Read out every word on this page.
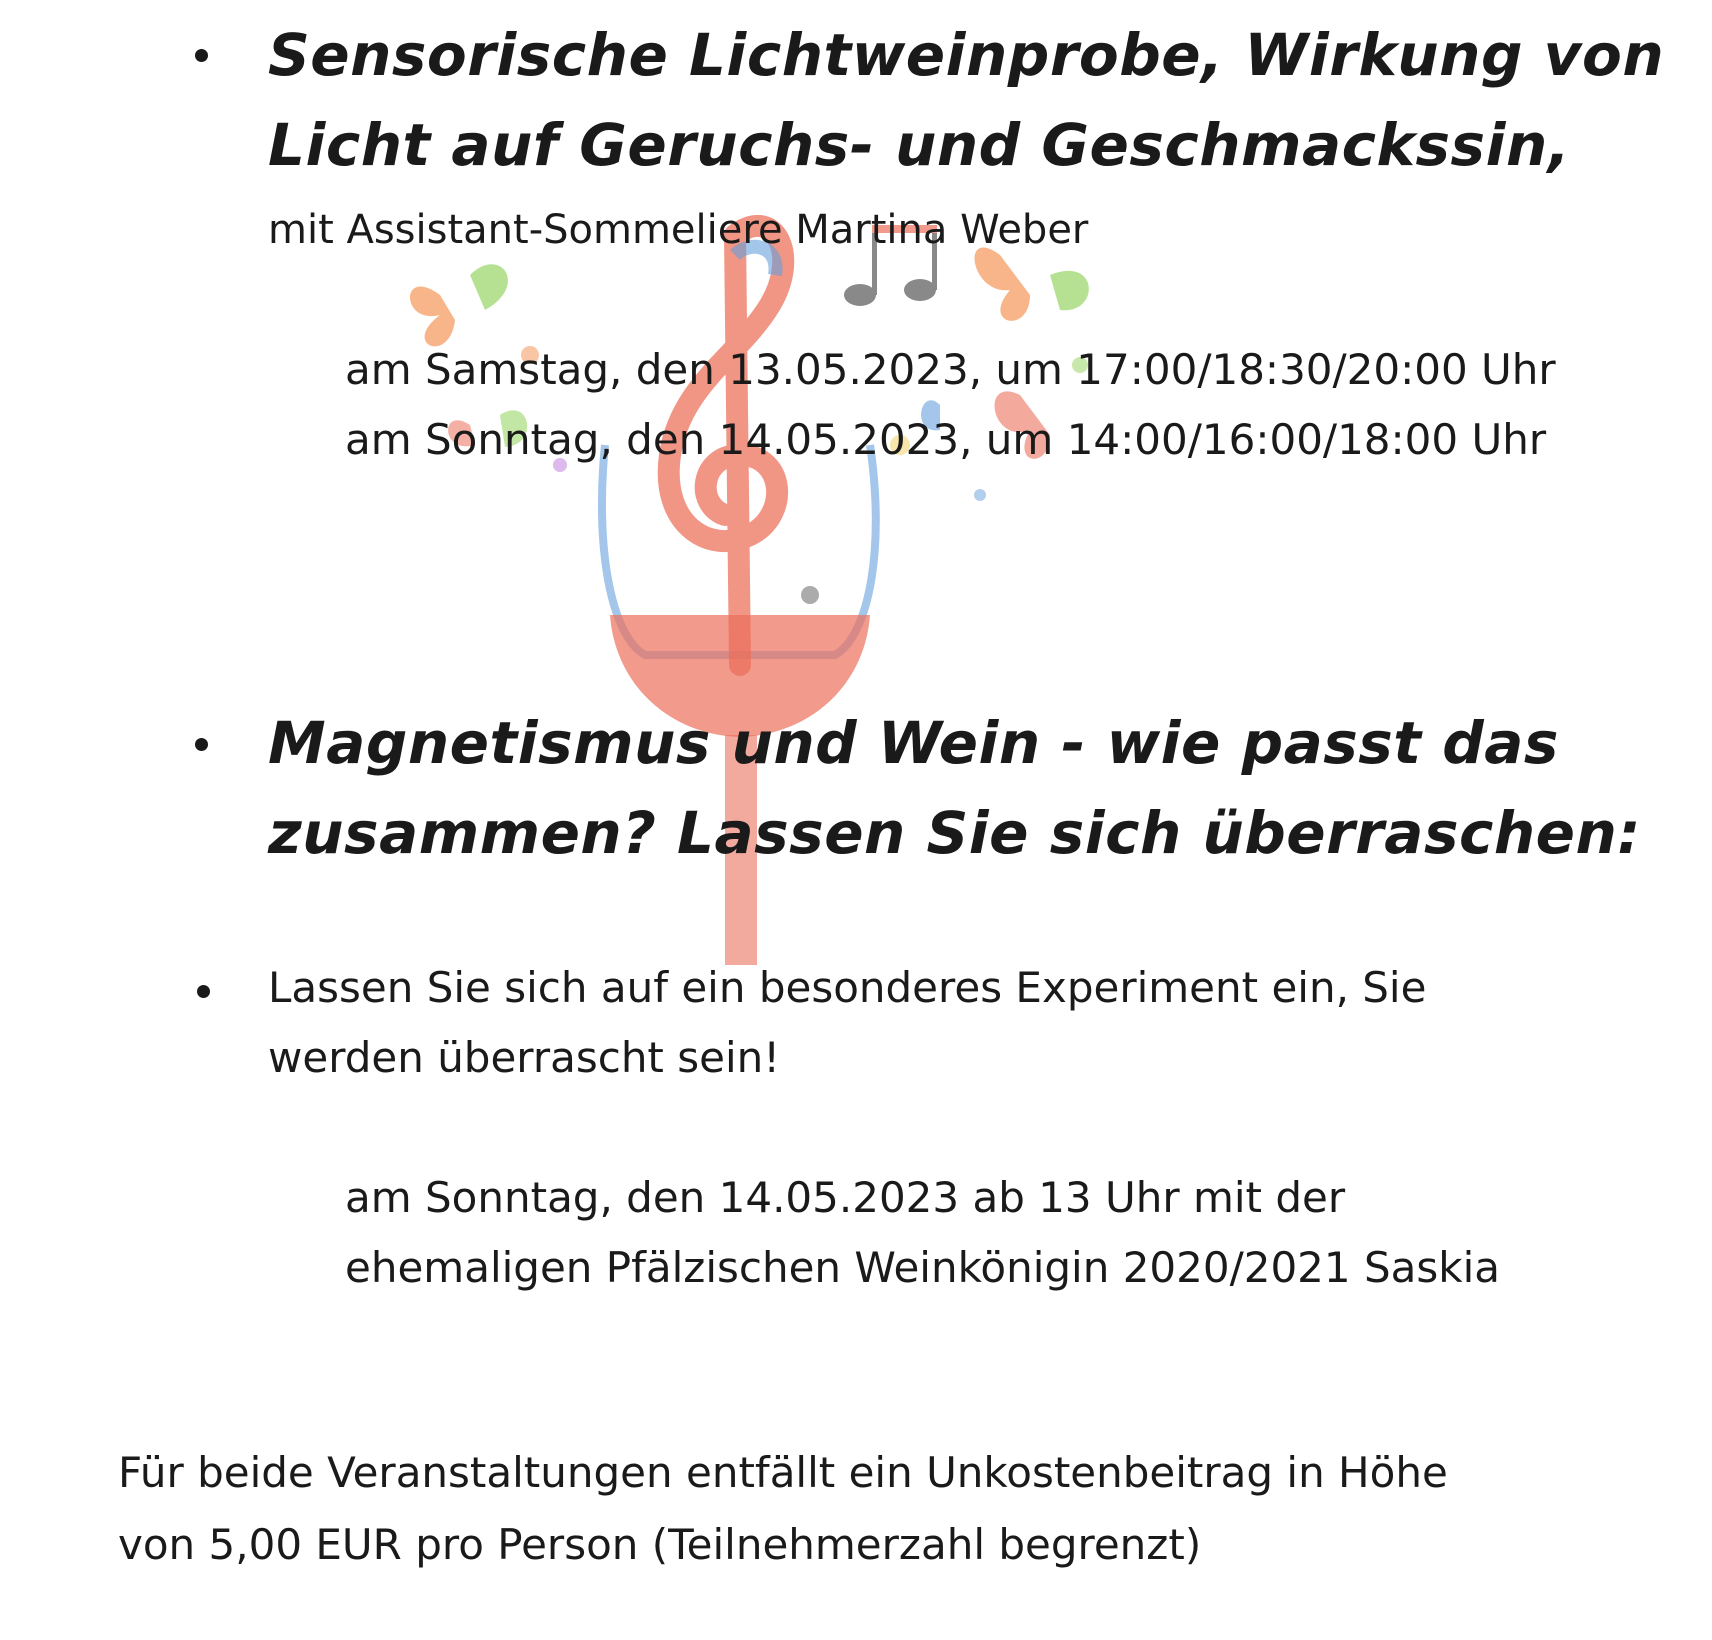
Sensorische Lichtweinprobe, Wirkung von

Licht auf Geruchs- und Geschmackssin,

mit Assistant-Sommeliere Martina Weber

am Samstag, den 13.05.2023, um 17:00/18:30/20:00 Uhr

am Sonntag, den 14.05.2023, um 14:00/16:00/18:00 Uhr

Magnetismus und Wein - wie passt das

zusammen? Lassen Sie sich überraschen:

Lassen Sie sich auf ein besonderes Experiment ein, Sie

werden überrascht sein!

am Sonntag, den 14.05.2023 ab 13 Uhr mit der

ehemaligen Pfälzischen Weinkönigin 2020/2021 Saskia

Für beide Veranstaltungen entfällt ein Unkostenbeitrag in Höhe

von 5,00 EUR pro Person (Teilnehmerzahl begrenzt)
